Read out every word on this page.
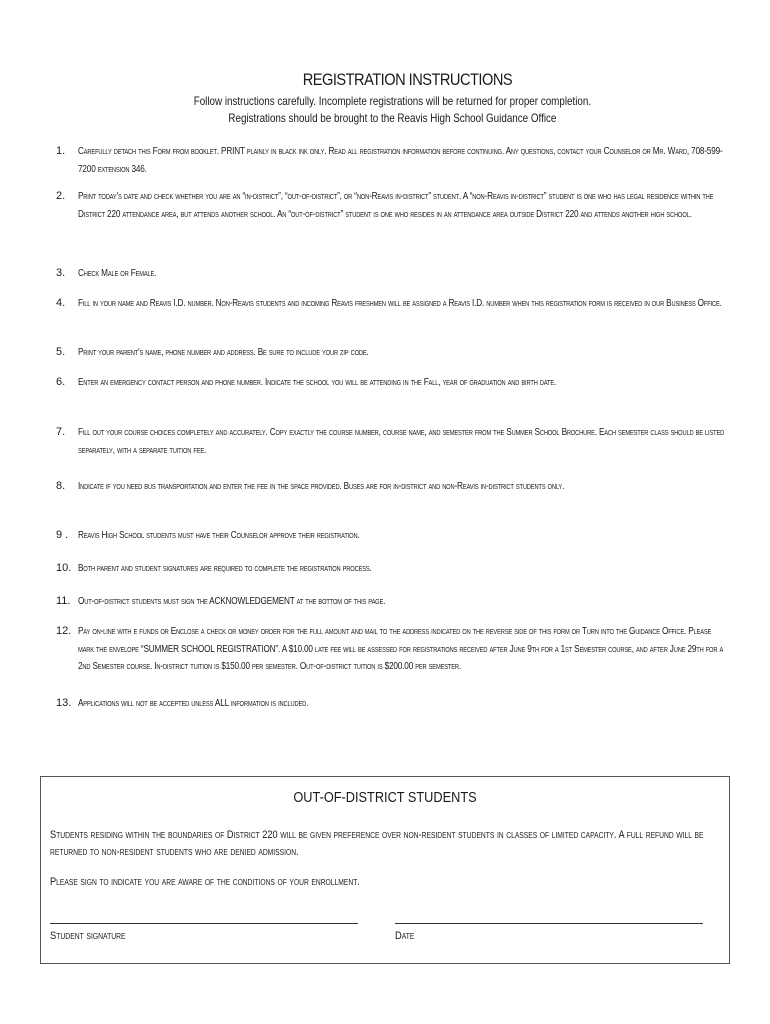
REGISTRATION INSTRUCTIONS
Follow instructions carefully. Incomplete registrations will be returned for proper completion.
Registrations should be brought to the Reavis High School Guidance Office
1. Carefully detach this Form from booklet. PRINT plainly in black ink only. Read all registration information before continuing. Any questions, contact your Counselor or Mr. Ward, 708-599-7200 extension 346.
2. Print today's date and check whether you are an “in-district”, “out-of-district”, or “non-Reavis in-district” student. A “non-Reavis in-district” student is one who has legal residence within the District 220 attendance area, but attends another school. An “out-of-district” student is one who resides in an attendance area outside District 220 and attends another high school.
3. Check Male or Female.
4. Fill in your name and Reavis I.D. number. Non-Reavis students and incoming Reavis freshmen will be assigned a Reavis I.D. number when this registration form is received in our Business Office.
5. Print your parent's name, phone number and address. Be sure to include your zip code.
6. Enter an emergency contact person and phone number. Indicate the school you will be attending in the Fall, year of graduation and birth date.
7. Fill out your course choices completely and accurately. Copy exactly the course number, course name, and semester from the Summer School Brochure. Each semester class should be listed separately, with a separate tuition fee.
8. Indicate if you need bus transportation and enter the fee in the space provided. Buses are for in-district and non-Reavis in-district students only.
9 . Reavis High School students must have their Counselor approve their registration.
10. Both parent and student signatures are required to complete the registration process.
11. Out-of-district students must sign the ACKNOWLEDGEMENT at the bottom of this page.
12. Pay on-line with e funds or Enclose a check or money order for the full amount and mail to the address indicated on the reverse side of this form or Turn into the Guidance Office. Please mark the envelope “SUMMER SCHOOL REGISTRATION”. A $10.00 late fee will be assessed for registrations received after June 9th for a 1st Semester course, and after June 29th for a 2nd Semester course. In-district tuition is $150.00 per semester. Out-of-district tuition is $200.00 per semester.
13. Applications will not be accepted unless ALL information is included.
OUT-OF-DISTRICT STUDENTS
Students residing within the boundaries of District 220 will be given preference over non-resident students in classes of limited capacity. A full refund will be returned to non-resident students who are denied admission.
Please sign to indicate you are aware of the conditions of your enrollment.
Student signature	Date
